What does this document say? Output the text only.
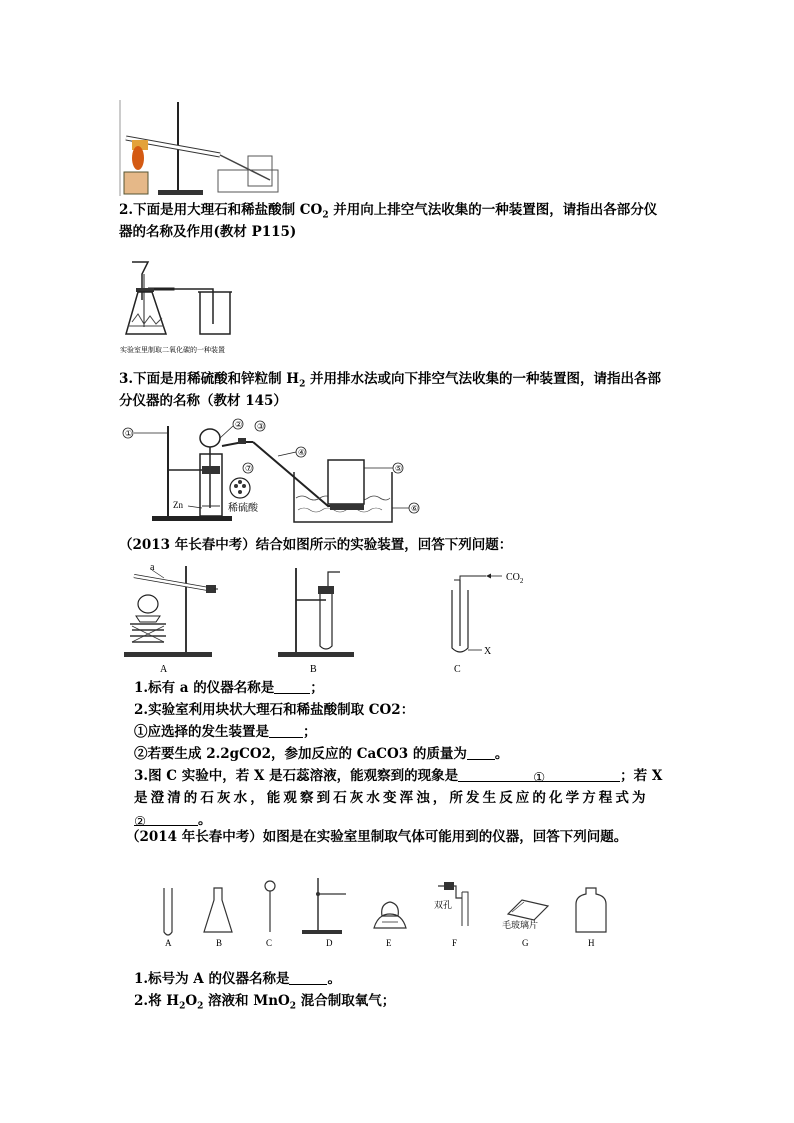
2.下面是用大理石和稀盐酸制 $CO_2$ 并用向上排空气法收集的一种装置图，请指出各部分仪
器的名称及作用(教材 P115)
实验室里制取二氧化碳的一种装置
3.下面是用稀硫酸和锌粒制 $H_2$ 并用排水法或向下排空气法收集的一种装置图，请指出各部
分仪器的名称（教材 145）
①
② ③
④
⑤
⑥
⑦
Zn	稀硫酸
（2013 年长春中考）结合如图所示的实验装置，回答下列问题：
a
A	B
$CO_2$
X
C
1.标有 a 的仪器名称是	；
2.实验室利用块状大理石和稀盐酸制取 CO2：
①应选择的发生装置是	；
②若要生成 2.2gCO2，参加反应的 CaCO3 的质量为 。
3.图 C 实验中，若 X 是石蕊溶液，能观察到的现象是	①	；若 X
是 澄 清 的 石 灰 水 ， 能 观 察 到 石 灰 水 变 浑 浊 ， 所 发 生 反 应 的 化 学 方 程 式 为
②	。
（2014 年长春中考）如图是在实验室里制取气体可能用到的仪器，回答下列问题。
双孔
毛玻璃片
A	B	C	D	E	F	G	H
1.标号为 A 的仪器名称是	。
2.将 $H_2O_2$ 溶液和 MnO$_2$ 混合制取氧气；
